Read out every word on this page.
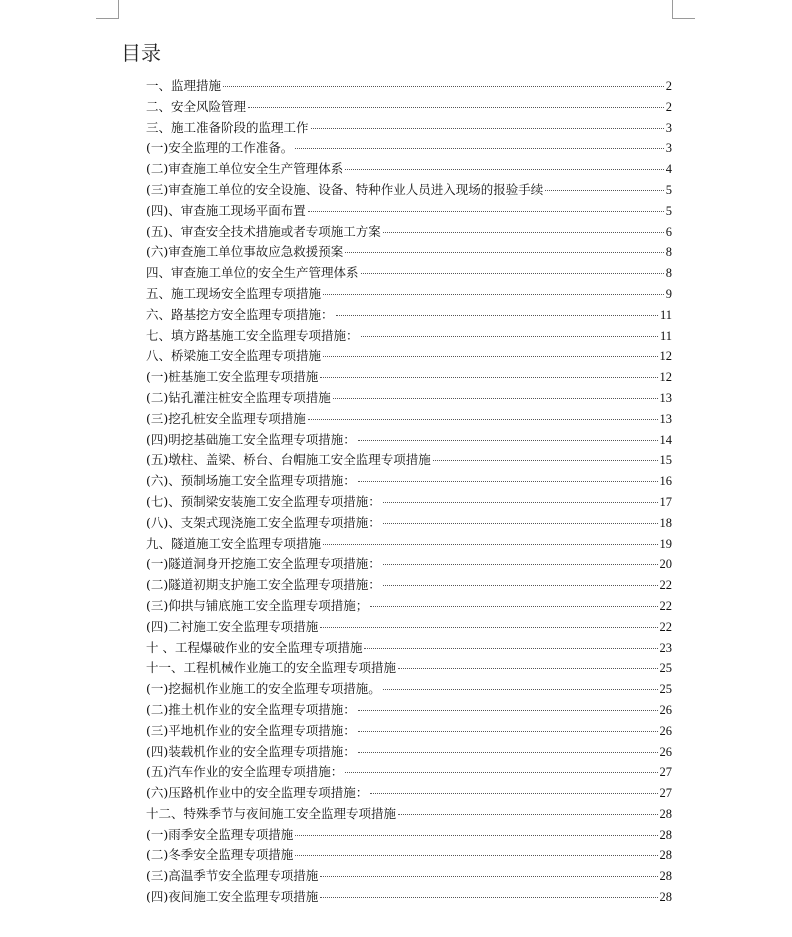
目录
一、监理措施	2
二、安全风险管理	2
三、施工准备阶段的监理工作	3
(一)安全监理的工作准备。	3
(二)审查施工单位安全生产管理体系	4
(三)审查施工单位的安全设施、设备、特种作业人员进入现场的报验手续	5
(四)、审查施工现场平面布置	5
(五)、审查安全技术措施或者专项施工方案	6
(六)审查施工单位事故应急救援预案	8
四、审查施工单位的安全生产管理体系	8
五、施工现场安全监理专项措施	9
六、路基挖方安全监理专项措施：	11
七、填方路基施工安全监理专项措施：	11
八、桥梁施工安全监理专项措施	12
(一)桩基施工安全监理专项措施	12
(二)钻孔灌注桩安全监理专项措施	13
(三)挖孔桩安全监理专项措施	13
(四)明挖基础施工安全监理专项措施：	14
(五)墩柱、盖梁、桥台、台帽施工安全监理专项措施	15
(六)、预制场施工安全监理专项措施：	16
(七)、预制梁安装施工安全监理专项措施：	17
(八)、支架式现浇施工安全监理专项措施：	18
九、隧道施工安全监理专项措施	19
(一)隧道洞身开挖施工安全监理专项措施：	20
(二)隧道初期支护施工安全监理专项措施：	22
(三)仰拱与铺底施工安全监理专项措施；	22
(四)二衬施工安全监理专项措施	22
十 、工程爆破作业的安全监理专项措施	23
十一、工程机械作业施工的安全监理专项措施	25
(一)挖掘机作业施工的安全监理专项措施。	25
(二)推土机作业的安全监理专项措施：	26
(三)平地机作业的安全监理专项措施：	26
(四)装载机作业的安全监理专项措施：	26
(五)汽车作业的安全监理专项措施：	27
(六)压路机作业中的安全监理专项措施：	27
十二、特殊季节与夜间施工安全监理专项措施	28
(一)雨季安全监理专项措施	28
(二)冬季安全监理专项措施	28
(三)高温季节安全监理专项措施	28
(四)夜间施工安全监理专项措施	28
